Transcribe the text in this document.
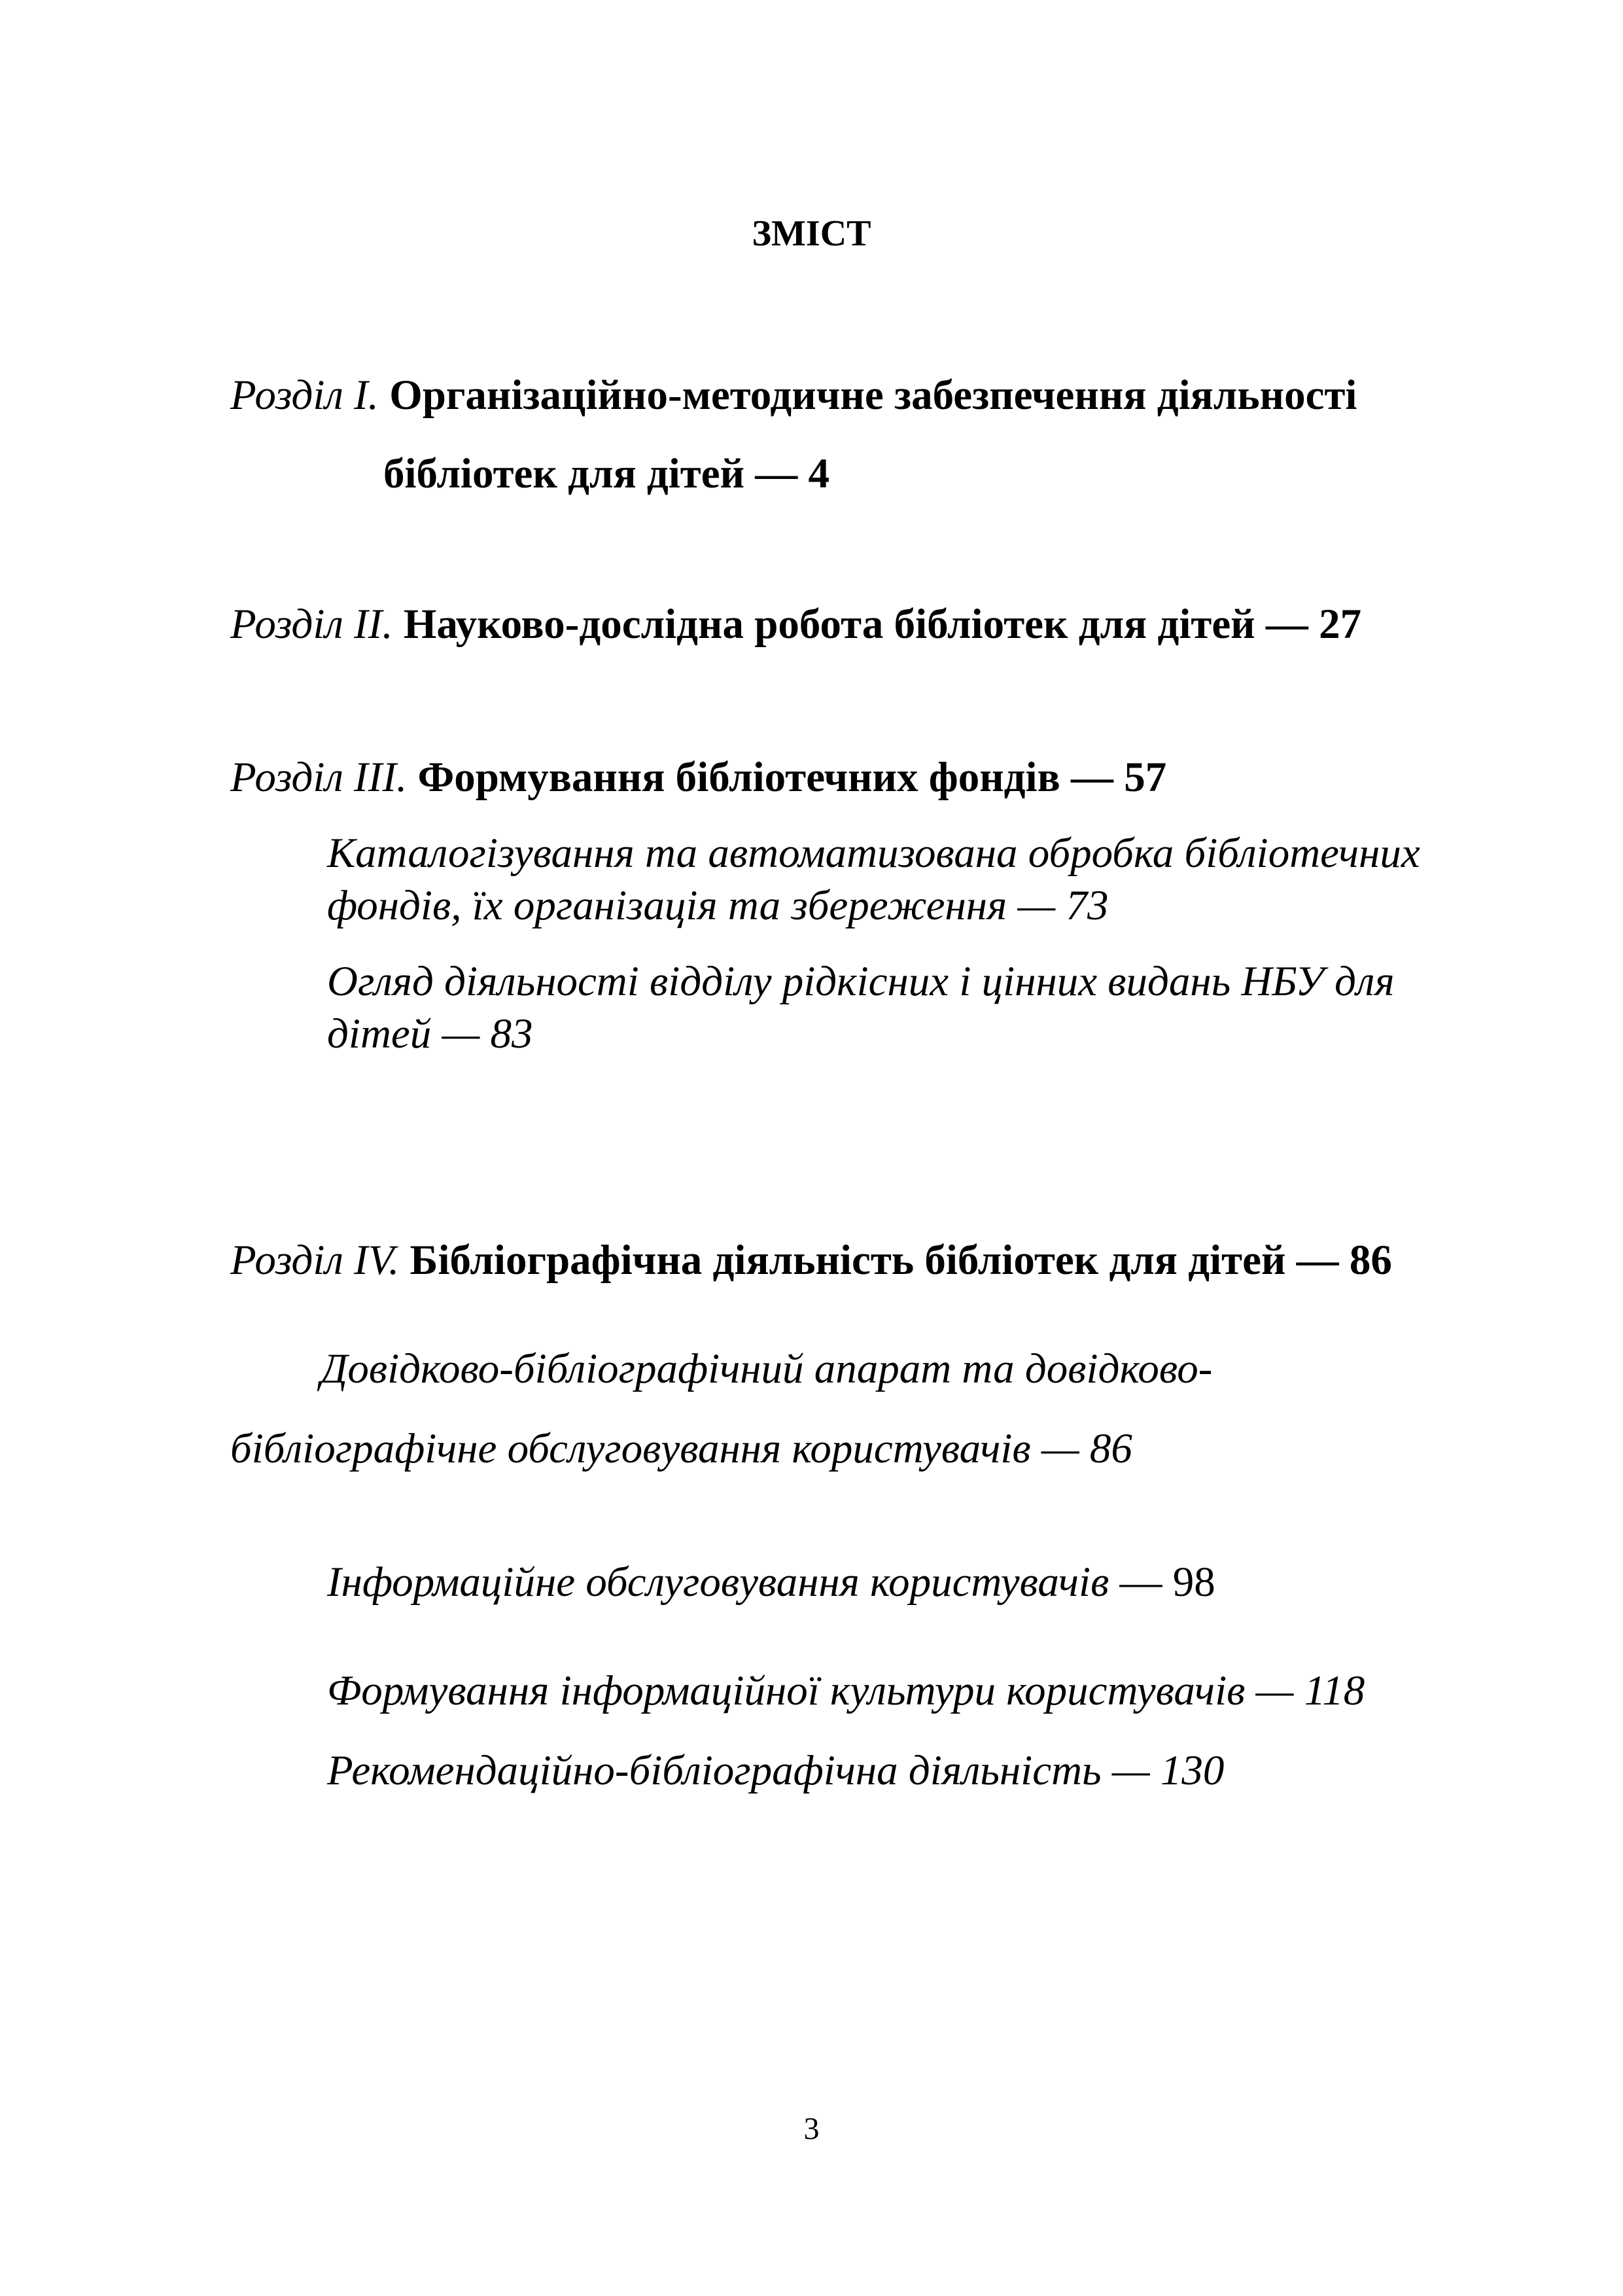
ЗМІСТ
Розділ I. Організаційно-методичне забезпечення діяльності
бібліотек для дітей — 4
Розділ II. Науково-дослідна робота бібліотек для дітей — 27
Розділ III. Формування бібліотечних фондів — 57
Каталогізування та автоматизована обробка бібліотечних
фондів, їх організація та збереження — 73
Огляд діяльності відділу рідкісних і цінних видань НБУ для
дітей — 83
Розділ IV. Бібліографічна діяльність бібліотек для дітей — 86
Довідково-бібліографічний апарат та довідково-
бібліографічне обслуговування користувачів — 86
Інформаційне обслуговування користувачів — 98
Формування інформаційної культури користувачів — 118
Рекомендаційно-бібліографічна діяльність — 130
3
